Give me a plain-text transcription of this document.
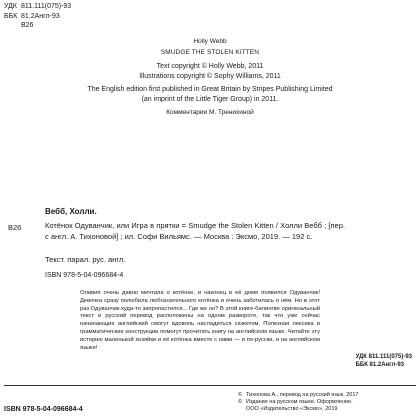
УДК 811.111(075)-93
ББК 81.2Англ-93
В26
Holly Webb
SMUDGE THE STOLEN KITTEN
Text copyright © Holly Webb, 2011
Illustrations copyright © Sophy Williams, 2011
The English edition first published in Great Britain by Stripes Publishing Limited
(an imprint of the Little Tiger Group) in 2011.
Комментарии М. Трениxиной
В26
Вебб, Холли.
Котёнок Одуванчик, или Игра в прятки = Smudge the Stolen Kitten / Холли Вебб ; [пер. с англ. А. Тихоновой] ; ил. Софи Вильямс. — Москва : Эксмо, 2019. — 192 с.
Текст. парал. рус. англ.
ISBN 978-5-04-096684-4
Оливия очень давно мечтала о котёнке, и наконец в её доме появился Одуванчик! Девочка сразу полюбила любознательного котёнка и очень заботилась о нём. Но в этот раз Одуванчик куда-то запропастился... Где же он? В этой книге-билингве оригинальный текст и русский перевод расположены на одном развороте, так что уже сейчас начинающие английский смогут вдоволь насладиться сюжетом. Полезная лексика и грамматические конструкции помогут прочитать книгу на английском языке. Читайте эту историю маленькой хозяйки и её котёнка вместе с нами — и по-русски, и на английском языке!
УДК 811.111(075)-93
ББК 81.2Англ-93
ISBN 978-5-04-096684-4
© Тихонова А., перевод на русский язык, 2017
© Издание на русском языке. Оформление.
ООО «Издательство «Эксмо», 2019
